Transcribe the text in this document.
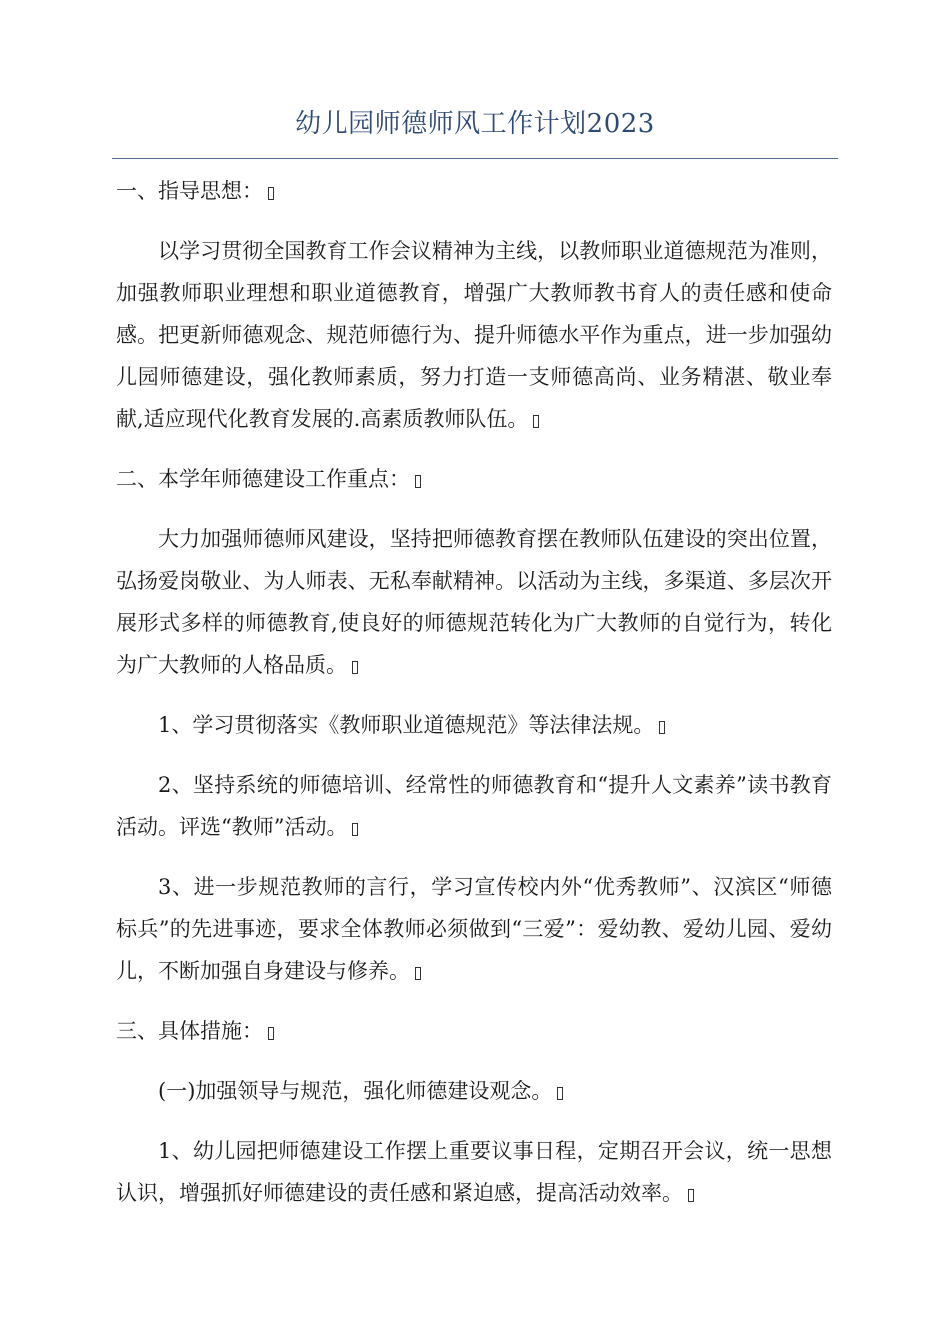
幼儿园师德师风工作计划2023

一、指导思想：

以学习贯彻全国教育工作会议精神为主线，以教师职业道德规范为准则，加强教师职业理想和职业道德教育，增强广大教师教书育人的责任感和使命感。把更新师德观念、规范师德行为、提升师德水平作为重点，进一步加强幼儿园师德建设，强化教师素质，努力打造一支师德高尚、业务精湛、敬业奉献,适应现代化教育发展的.高素质教师队伍。

二、本学年师德建设工作重点：

大力加强师德师风建设，坚持把师德教育摆在教师队伍建设的突出位置，弘扬爱岗敬业、为人师表、无私奉献精神。以活动为主线，多渠道、多层次开展形式多样的师德教育,使良好的师德规范转化为广大教师的自觉行为，转化为广大教师的人格品质。

1、学习贯彻落实《教师职业道德规范》等法律法规。

2、坚持系统的师德培训、经常性的师德教育和“提升人文素养”读书教育活动。评选“教师”活动。

3、进一步规范教师的言行，学习宣传校内外“优秀教师”、汉滨区“师德标兵”的先进事迹，要求全体教师必须做到“三爱”：爱幼教、爱幼儿园、爱幼儿，不断加强自身建设与修养。

三、具体措施：

(一)加强领导与规范，强化师德建设观念。

1、幼儿园把师德建设工作摆上重要议事日程，定期召开会议，统一思想认识，增强抓好师德建设的责任感和紧迫感，提高活动效率。
